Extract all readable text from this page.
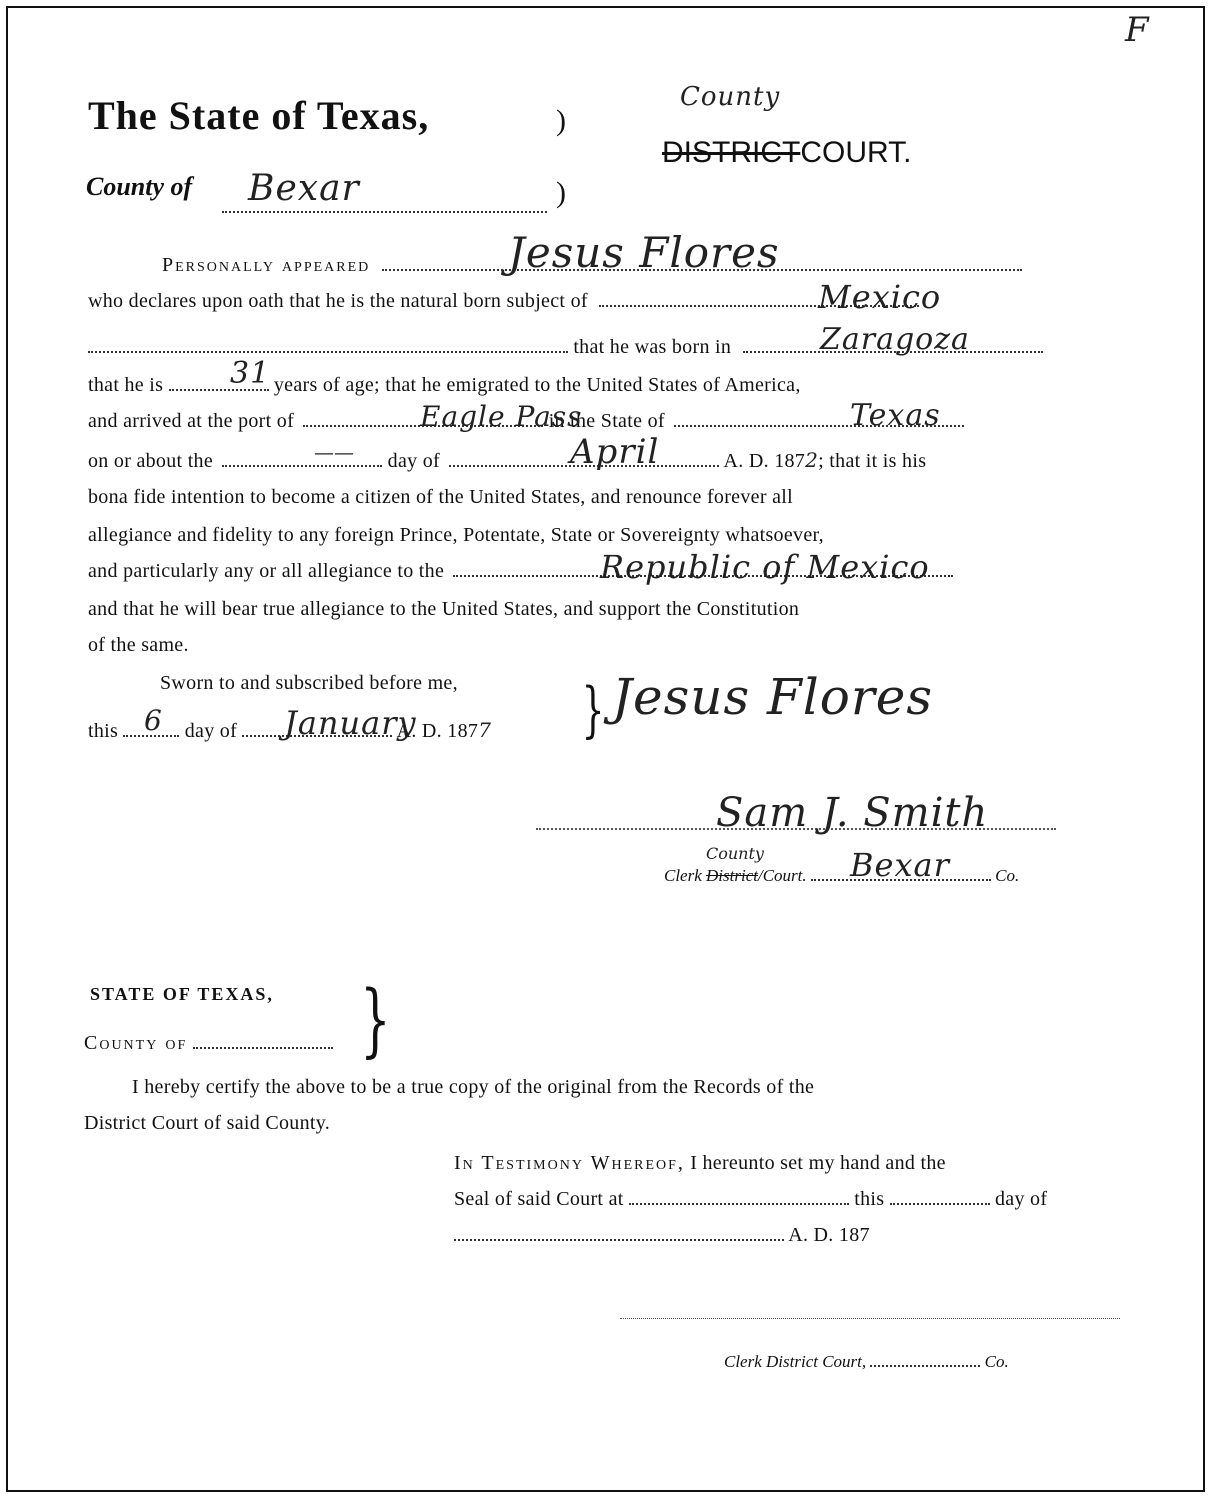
F
The State of Texas,	)
County
DISTRICTCOURT.
County of Bexar	)
Personally appeared	Jesus Flores
who declares upon oath that he is the natural born subject of	Mexico
that he was born in	Zaragoza
that he is	years of age; that he emigrated to the United States of America,
31
and arrived at the port of	in the State of
Eagle Pass	Texas
on or about the	day of	A. D. 1872; that it is his
——	April
bona fide intention to become a citizen of the United States, and renounce forever all
allegiance and fidelity to any foreign Prince, Potentate, State or Sovereignty whatsoever,
and particularly any or all allegiance to the	Republic of Mexico
and that he will bear true allegiance to the United States, and support the Constitution
of the same.
Sworn to and subscribed before me,
this	day of	A. D. 1877
6	January	} Jesus Flores
Sam J. Smith
Clerk District/Court.	Co.
County	Bexar
STATE OF TEXAS, }
County of
I hereby certify the above to be a true copy of the original from the Records of the
District Court of said County.
In Testimony Whereof, I hereunto set my hand and the
Seal of said Court at	this	day of
A. D. 187
Clerk District Court,	Co.
